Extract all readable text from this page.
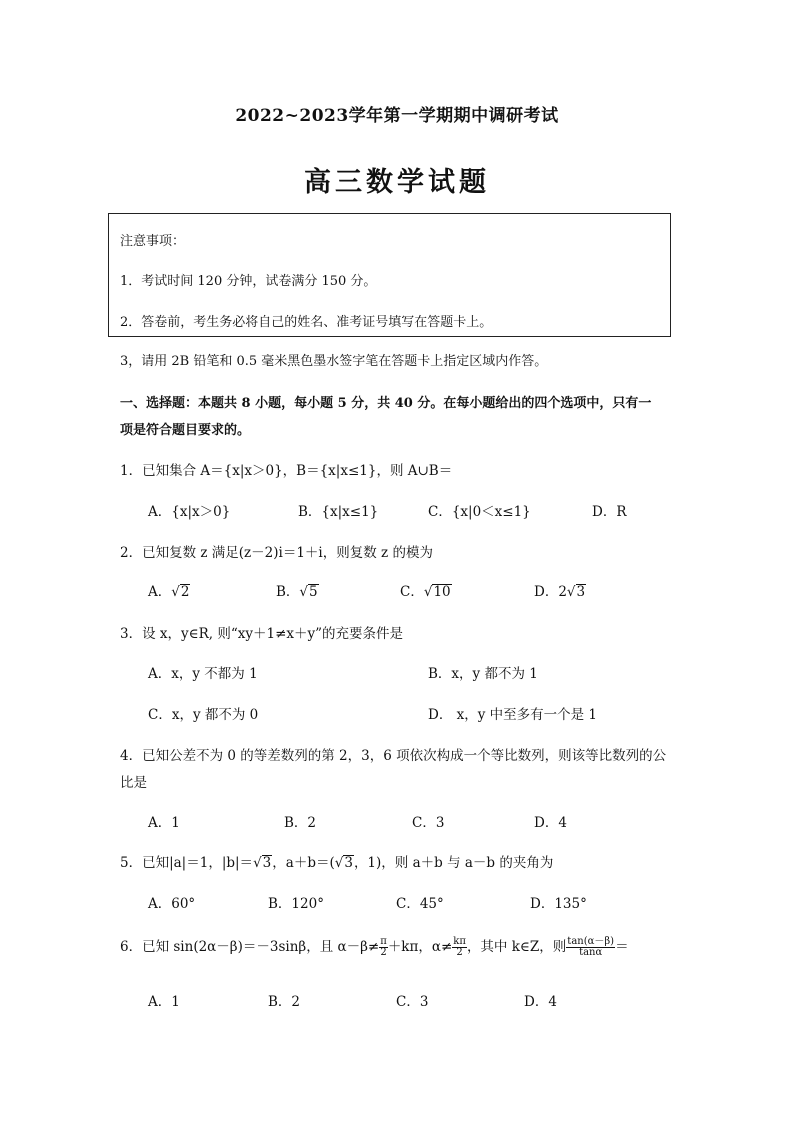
2022~2023学年第一学期期中调研考试
高三数学试题
注意事项：
1．考试时间 120 分钟，试卷满分 150 分。
2．答卷前，考生务必将自己的姓名、准考证号填写在答题卡上。
3，请用 2B 铅笔和 0.5 毫米黑色墨水签字笔在答题卡上指定区域内作答。
一、选择题：本题共 8 小题，每小题 5 分，共 40 分。在每小题给出的四个选项中，只有一
项是符合题目要求的。
1．已知集合 A＝{x|x＞0}，B＝{x|x≤1}，则 A∪B＝
A．{x|x＞0}	B．{x|x≤1}	C．{x|0＜x≤1}	D．R
2．已知复数 z 满足(z－2)i＝1＋i，则复数 z 的模为
A．√2	B．√5	C．√10	D．2√3
3．设 x，y∈R, 则“xy＋1≠x＋y”的充要条件是
A．x，y 不都为 1	B．x，y 都不为 1
C．x，y 都不为 0	D． x，y 中至多有一个是 1
4．已知公差不为 0 的等差数列的第 2，3，6 项依次构成一个等比数列，则该等比数列的公
比是
A．1	B．2	C．3	D．4
5．已知|a|＝1，|b|＝√3，a＋b＝(√3，1)，则 a＋b 与 a－b 的夹角为
A．60°	B．120°	C．45°	D．135°
6．已知 sin(2α－β)＝－3sinβ，且 $\alpha-\beta\ne \frac{\pi}{2} +k\pi$，$\alpha\ne \frac{k\pi}{2}$ ，其中 k∈Z，则 $\frac{\tan(\alpha-\beta)}{\tan\alpha}$ ＝
A．1	B．2	C．3	D．4
